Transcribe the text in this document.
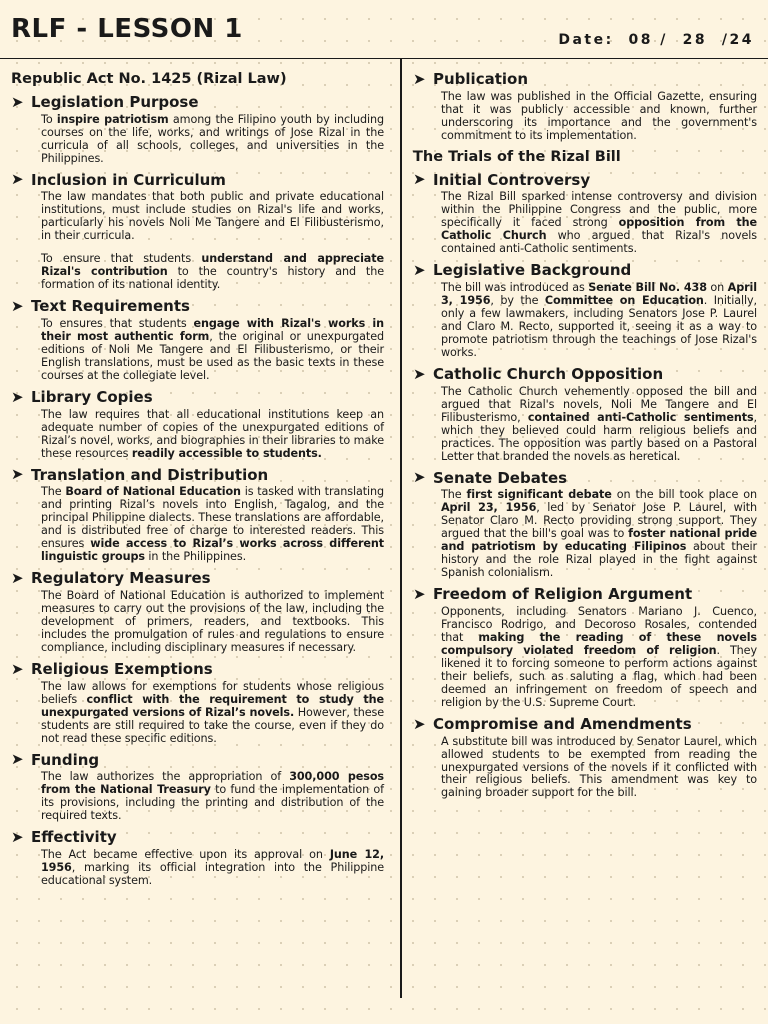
RLF - LESSON 1	Date: 08 /  28  /24
Republic Act No. 1425 (Rizal Law)
➤ Legislation Purpose
To inspire patriotism among the Filipino youth by including courses on the life, works, and writings of Jose Rizal in the curricula of all schools, colleges, and universities in the Philippines.
➤ Inclusion in Curriculum
The law mandates that both public and private educational institutions, must include studies on Rizal's life and works, particularly his novels Noli Me Tangere and El Filibusterismo, in their curricula.
To ensure that students understand and appreciate Rizal's contribution to the country's history and the formation of its national identity.
➤ Text Requirements
To ensures that students engage with Rizal's works in their most authentic form, the original or unexpurgated editions of Noli Me Tangere and El Filibusterismo, or their English translations, must be used as the basic texts in these courses at the collegiate level.
➤ Library Copies
The law requires that all educational institutions keep an adequate number of copies of the unexpurgated editions of Rizal’s novel, works, and biographies in their libraries to make these resources readily accessible to students.
➤ Translation and Distribution
The Board of National Education is tasked with translating and printing Rizal’s novels into English, Tagalog, and the principal Philippine dialects. These translations are affordable, and is distributed free of charge to interested readers. This ensures wide access to Rizal’s works across different linguistic groups in the Philippines.
➤ Regulatory Measures
The Board of National Education is authorized to implement measures to carry out the provisions of the law, including the development of primers, readers, and textbooks. This includes the promulgation of rules and regulations to ensure compliance, including disciplinary measures if necessary.
➤ Religious Exemptions
The law allows for exemptions for students whose religious beliefs conflict with the requirement to study the unexpurgated versions of Rizal’s novels. However, these students are still required to take the course, even if they do not read these specific editions.
➤ Funding
The law authorizes the appropriation of 300,000 pesos from the National Treasury to fund the implementation of its provisions, including the printing and distribution of the required texts.
➤ Effectivity
The Act became effective upon its approval on June 12, 1956, marking its official integration into the Philippine educational system.
➤ Publication
The law was published in the Official Gazette, ensuring that it was publicly accessible and known, further underscoring its importance and the government's commitment to its implementation.
The Trials of the Rizal Bill
➤ Initial Controversy
The Rizal Bill sparked intense controversy and division within the Philippine Congress and the public, more specifically it faced strong opposition from the Catholic Church who argued that Rizal's novels contained anti-Catholic sentiments.
➤ Legislative Background
The bill was introduced as Senate Bill No. 438 on April 3, 1956, by the Committee on Education. Initially, only a few lawmakers, including Senators Jose P. Laurel and Claro M. Recto, supported it, seeing it as a way to promote patriotism through the teachings of Jose Rizal's works.
➤ Catholic Church Opposition
The Catholic Church vehemently opposed the bill and argued that Rizal's novels, Noli Me Tangere and El Filibusterismo, contained anti-Catholic sentiments, which they believed could harm religious beliefs and practices. The opposition was partly based on a Pastoral Letter that branded the novels as heretical.
➤ Senate Debates
The first significant debate on the bill took place on April 23, 1956, led by Senator Jose P. Laurel, with Senator Claro M. Recto providing strong support. They argued that the bill's goal was to foster national pride and patriotism by educating Filipinos about their history and the role Rizal played in the fight against Spanish colonialism.
➤ Freedom of Religion Argument
Opponents, including Senators Mariano J. Cuenco, Francisco Rodrigo, and Decoroso Rosales, contended that making the reading of these novels compulsory violated freedom of religion. They likened it to forcing someone to perform actions against their beliefs, such as saluting a flag, which had been deemed an infringement on freedom of speech and religion by the U.S. Supreme Court.
➤ Compromise and Amendments
A substitute bill was introduced by Senator Laurel, which allowed students to be exempted from reading the unexpurgated versions of the novels if it conflicted with their religious beliefs. This amendment was key to gaining broader support for the bill.
